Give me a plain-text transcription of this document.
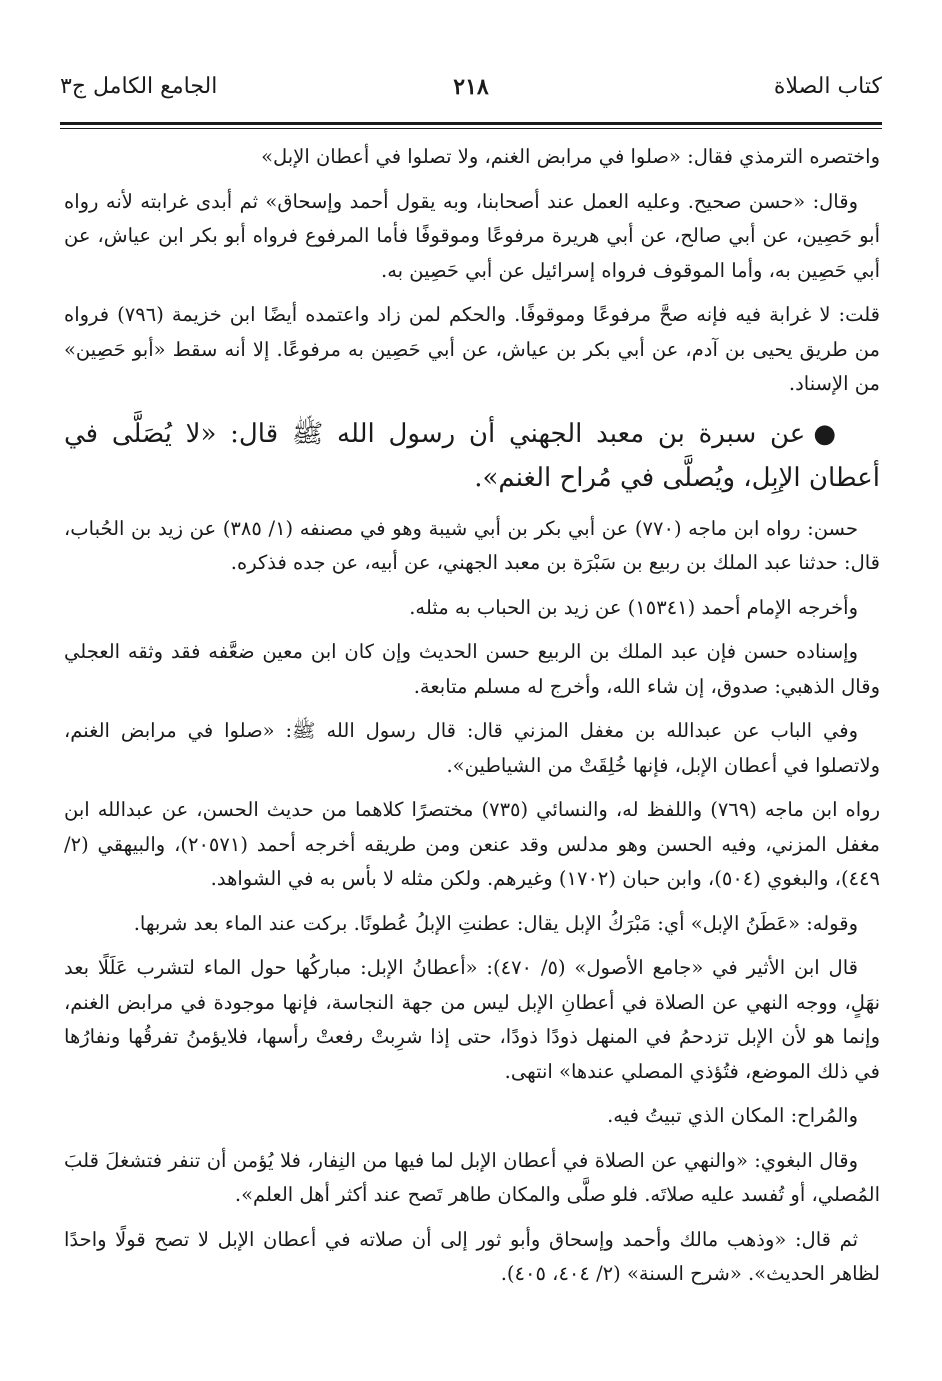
كتاب الصلاة
٢١٨
الجامع الكامل ج٣

واختصره الترمذي فقال: «صلوا في مرابض الغنم، ولا تصلوا في أعطان الإبل»

وقال: «حسن صحيح. وعليه العمل عند أصحابنا، وبه يقول أحمد وإسحاق» ثم أبدى غرابته لأنه رواه أبو حَصِين، عن أبي صالح، عن أبي هريرة مرفوعًا وموقوفًا فأما المرفوع فرواه أبو بكر ابن عياش، عن أبي حَصِين به، وأما الموقوف فرواه إسرائيل عن أبي حَصِين به.

قلت: لا غرابة فيه فإنه صحَّ مرفوعًا وموقوفًا. والحكم لمن زاد واعتمده أيضًا ابن خزيمة (٧٩٦) فرواه من طريق يحيى بن آدم، عن أبي بكر بن عياش، عن أبي حَصِين به مرفوعًا. إلا أنه سقط «أبو حَصِين» من الإسناد.

●عن سبرة بن معبد الجهني أن رسول الله ﷺ قال: «لا يُصَلَّى في أعطان الإبِل، ويُصلَّى في مُراح الغنم».

حسن: رواه ابن ماجه (٧٧٠) عن أبي بكر بن أبي شيبة وهو في مصنفه (١/ ٣٨٥) عن زيد بن الحُباب، قال: حدثنا عبد الملك بن ربيع بن سَبْرَة بن معبد الجهني، عن أبيه، عن جده فذكره.

وأخرجه الإمام أحمد (١٥٣٤١) عن زيد بن الحباب به مثله.

وإسناده حسن فإن عبد الملك بن الربيع حسن الحديث وإن كان ابن معين ضعَّفه فقد وثقه العجلي وقال الذهبي: صدوق، إن شاء الله، وأخرج له مسلم متابعة.

وفي الباب عن عبدالله بن مغفل المزني قال: قال رسول الله ﷺ: «صلوا في مرابض الغنم، ولاتصلوا في أعطان الإبل، فإنها خُلِقَتْ من الشياطين».

رواه ابن ماجه (٧٦٩) واللفظ له، والنسائي (٧٣٥) مختصرًا كلاهما من حديث الحسن، عن عبدالله ابن مغفل المزني، وفيه الحسن وهو مدلس وقد عنعن ومن طريقه أخرجه أحمد (٢٠٥٧١)، والبيهقي (٢/ ٤٤٩)، والبغوي (٥٠٤)، وابن حبان (١٧٠٢) وغيرهم. ولكن مثله لا بأس به في الشواهد.

وقوله: «عَطَنُ الإبل» أي: مَبْرَكُ الإبل يقال: عطنتِ الإبلُ عُطونًا. بركت عند الماء بعد شربها.

قال ابن الأثير في «جامع الأصول» (٥/ ٤٧٠): «أعطانُ الإبل: مباركُها حول الماء لتشرب عَلَلًا بعد نهَلٍ، ووجه النهي عن الصلاة في أعطانِ الإبل ليس من جهة النجاسة، فإنها موجودة في مرابض الغنم، وإنما هو لأن الإبل تزدحمُ في المنهل ذودًا ذودًا، حتى إذا شرِبتْ رفعتْ رأسها، فلايؤمنُ تفرقُها ونفارُها في ذلك الموضع، فتُؤذي المصلي عندها» انتهى.

والمُراح: المكان الذي تبيتُ فيه.

وقال البغوي: «والنهي عن الصلاة في أعطان الإبل لما فيها من النِفار، فلا يُؤمن أن تنفر فتشغلَ قلبَ المُصلي، أو تُفسد عليه صلاتَه. فلو صلَّى والمكان طاهر تَصح عند أكثر أهل العلم».

ثم قال: «وذهب مالك وأحمد وإسحاق وأبو ثور إلى أن صلاته في أعطان الإبل لا تصح قولًا واحدًا لظاهر الحديث». «شرح السنة» (٢/ ٤٠٤، ٤٠٥).
